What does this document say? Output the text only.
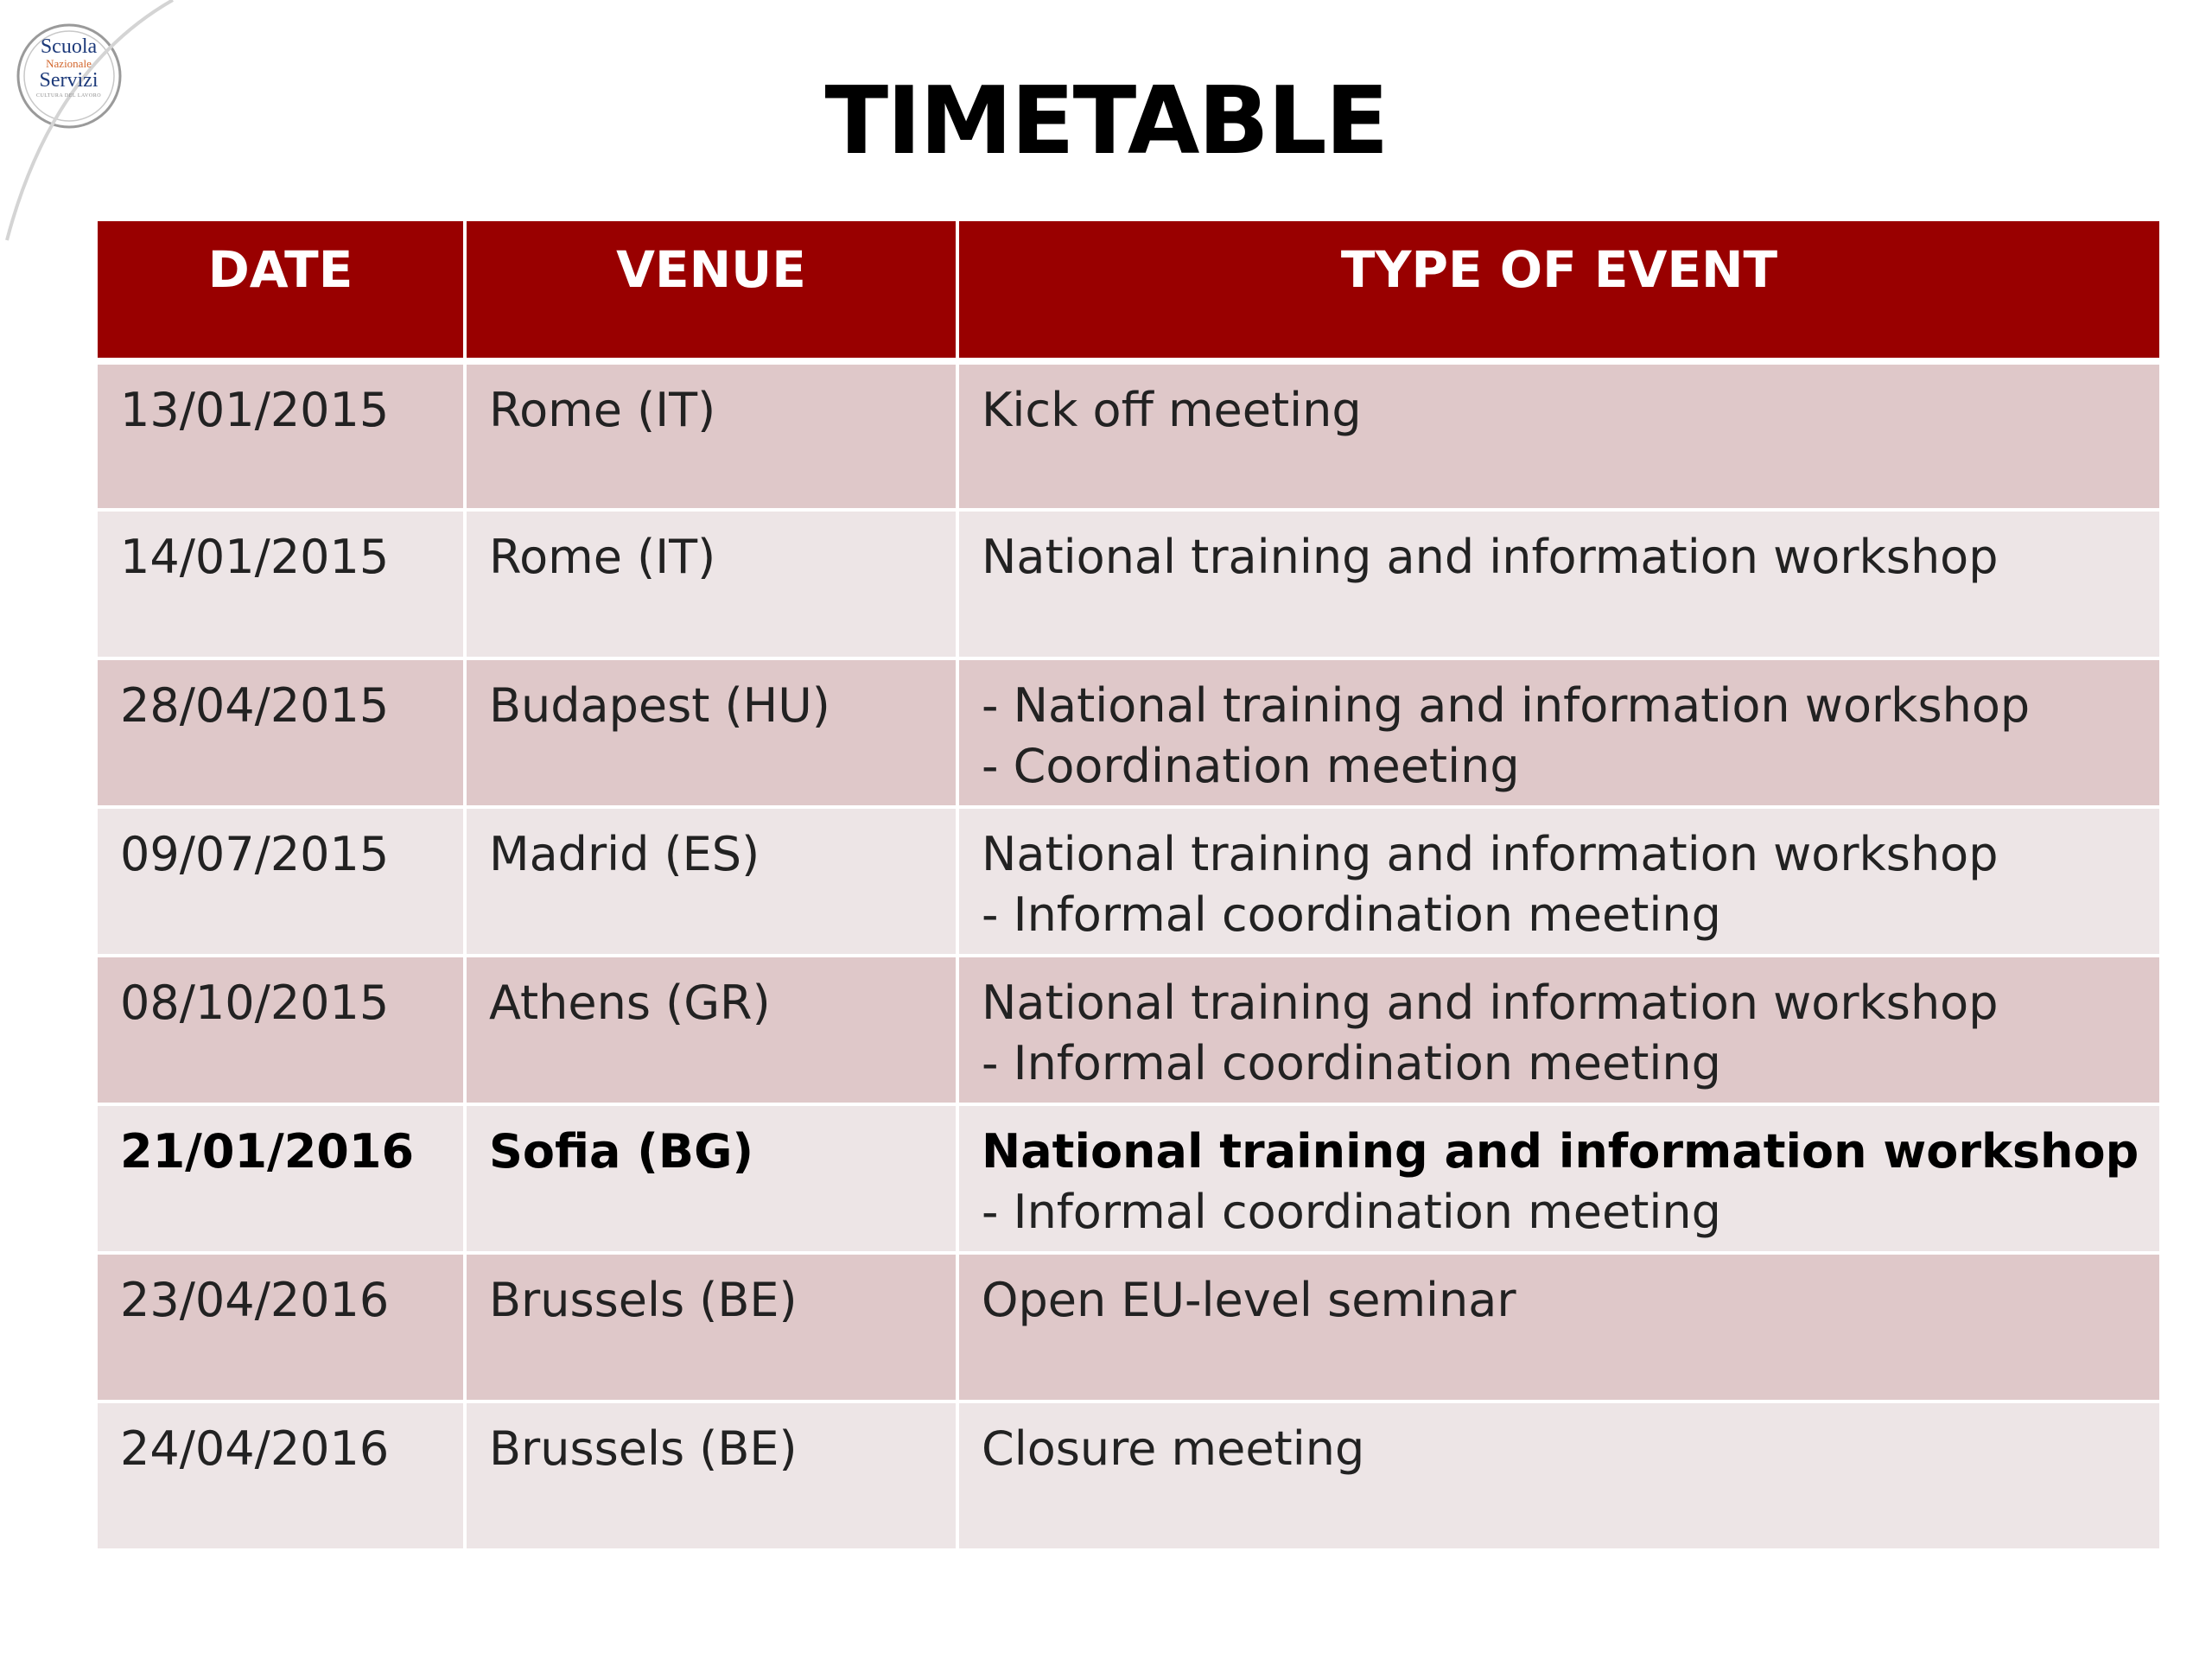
Scuola
Nazionale
Servizi
CULTURA DEL LAVORO	TIMETABLE
DATE	VENUE	TYPE OF EVENT
13/01/2015	Rome (IT)	Kick off meeting

14/01/2015	Rome (IT)	National training and information workshop

28/04/2015	Budapest (HU)	- National training and information workshop
- Coordination meeting

09/07/2015	Madrid (ES)	National training and information workshop
- Informal coordination meeting

08/10/2015	Athens (GR)	National training and information workshop
- Informal coordination meeting

21/01/2016	Sofia (BG)	National training and information workshop
- Informal coordination meeting

23/04/2016	Brussels (BE)	Open EU-level seminar

24/04/2016	Brussels (BE)	Closure meeting
